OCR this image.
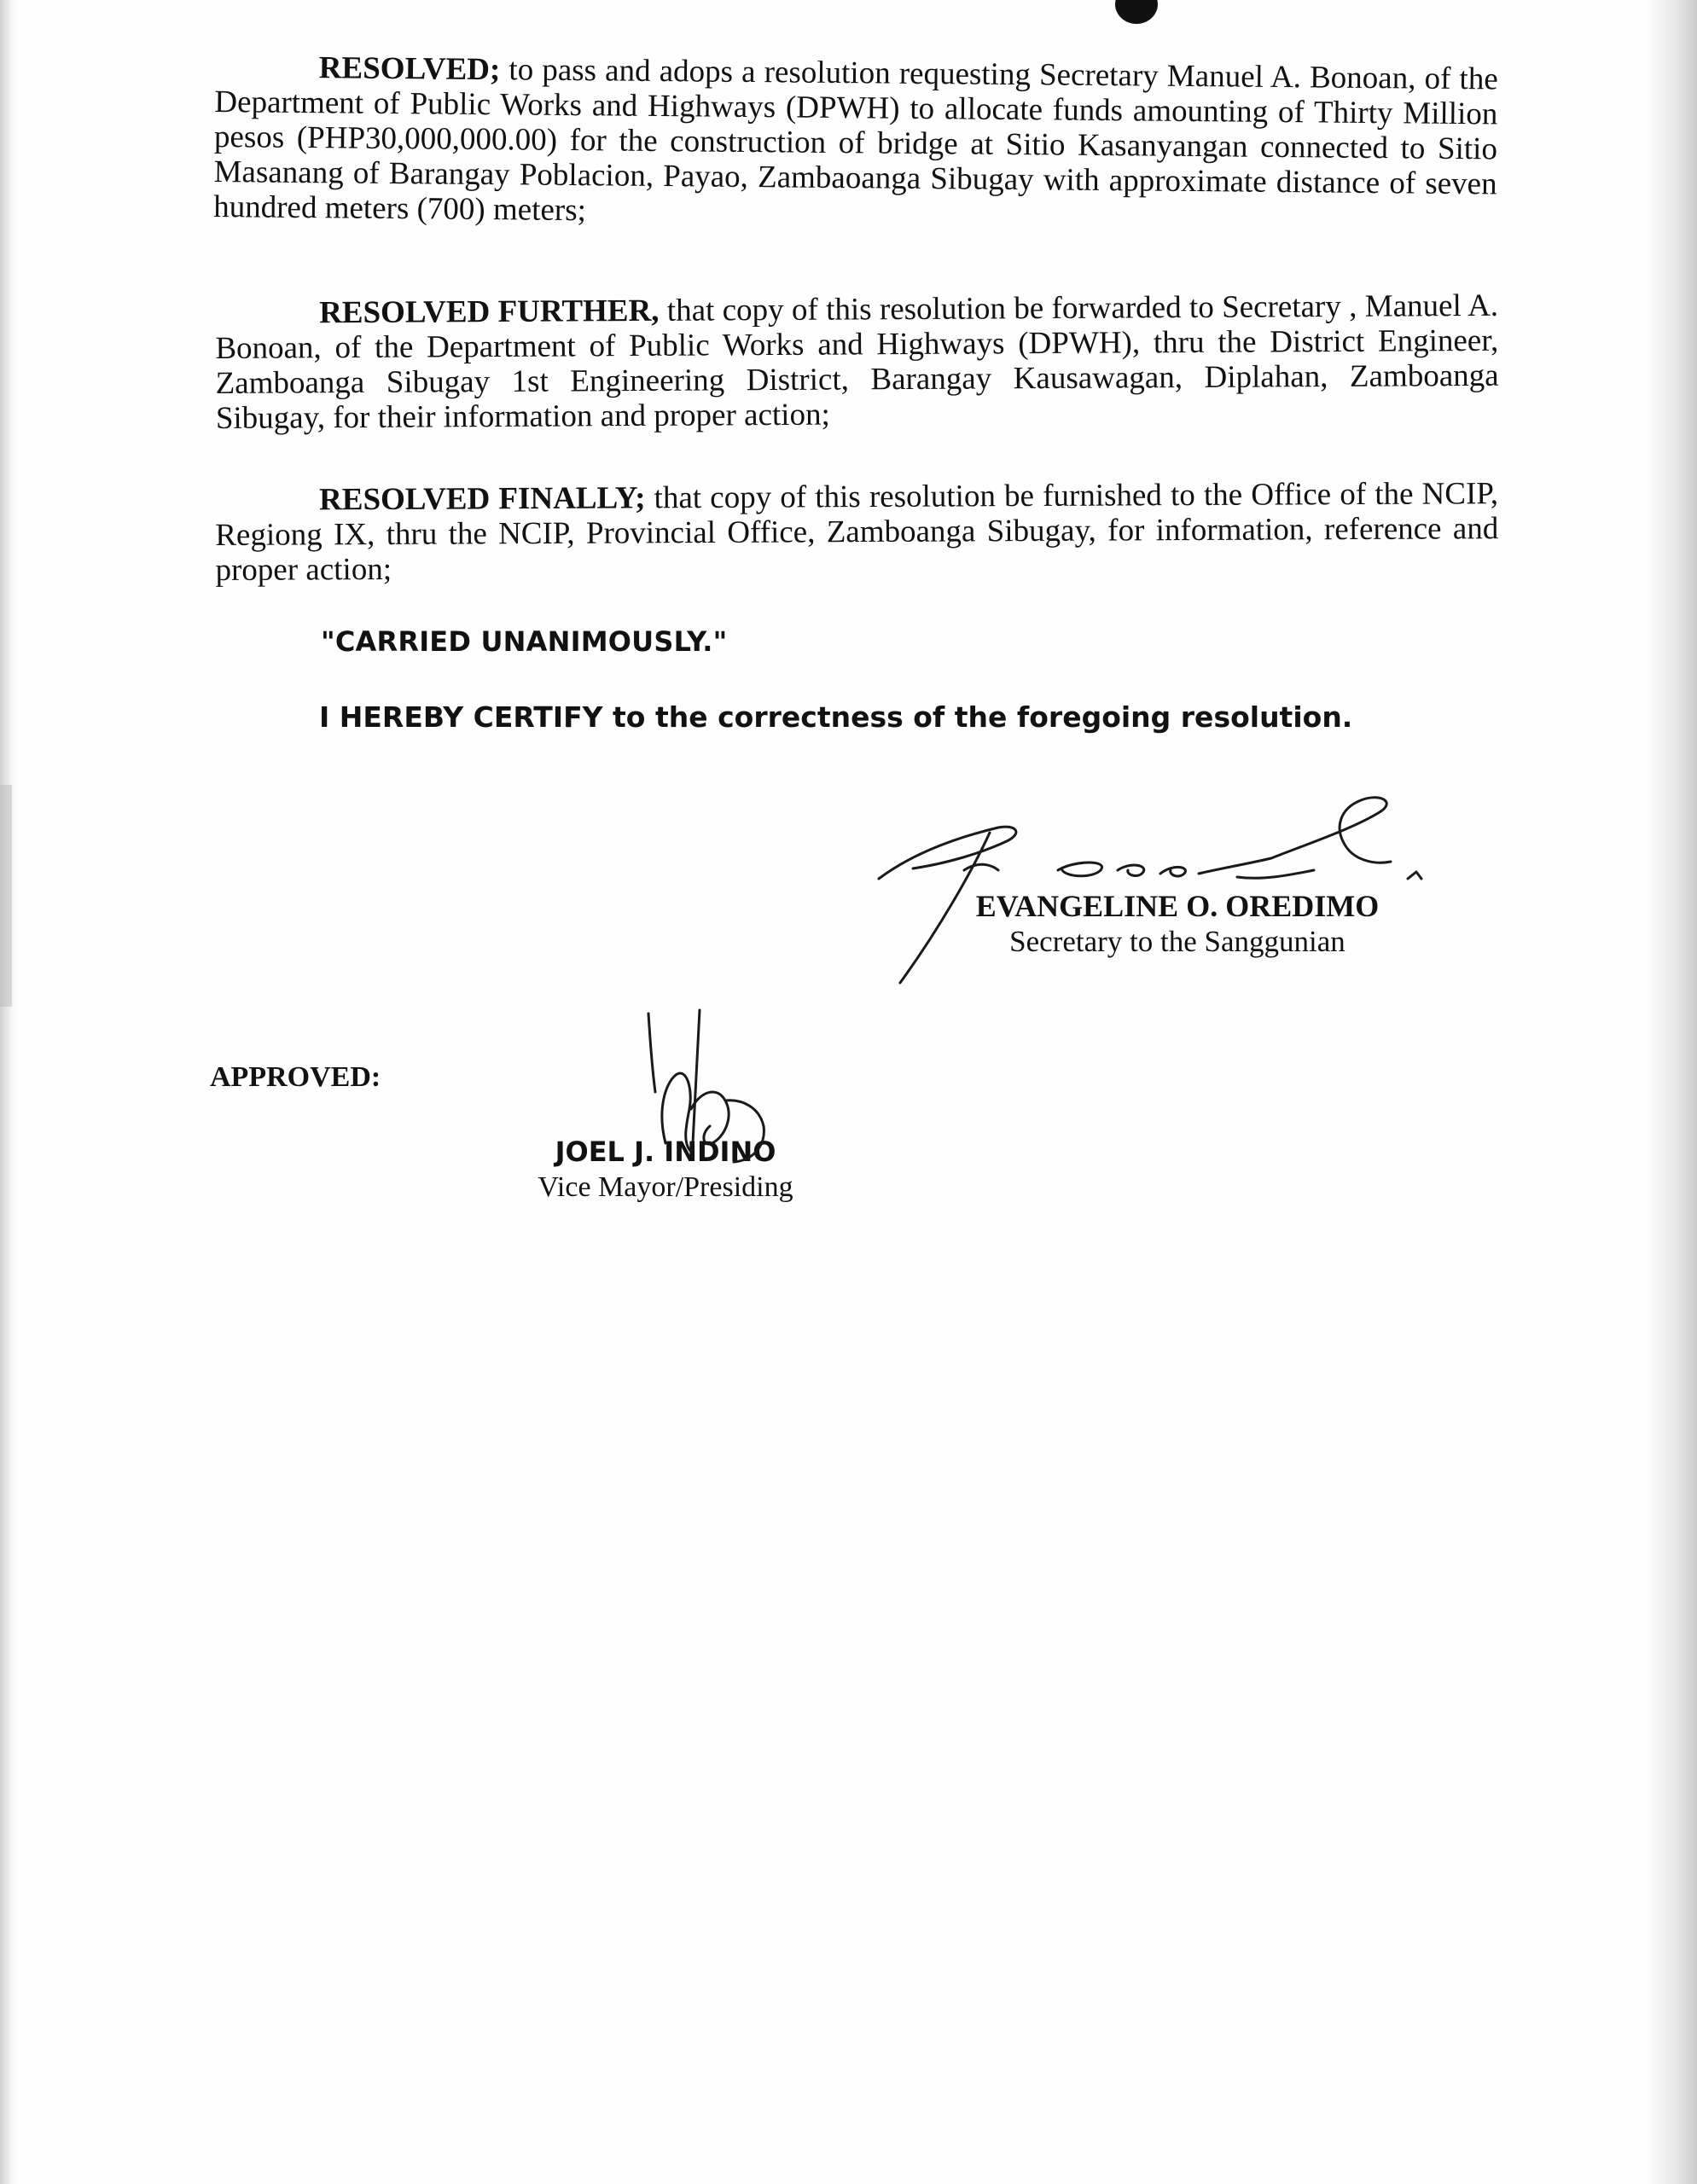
RESOLVED; to pass and adops a resolution requesting Secretary Manuel A. Bonoan, of the Department of Public Works and Highways (DPWH) to allocate funds amounting of Thirty Million pesos (PHP30,000,000.00) for the construction of bridge at Sitio Kasanyangan connected to Sitio Masanang of Barangay Poblacion, Payao, Zambaoanga Sibugay with approximate distance of seven hundred meters (700) meters;

RESOLVED FURTHER, that copy of this resolution be forwarded to Secretary , Manuel A. Bonoan, of the Department of Public Works and Highways (DPWH), thru the District Engineer, Zamboanga Sibugay 1st Engineering District, Barangay Kausawagan, Diplahan, Zamboanga Sibugay, for their information and proper action;

RESOLVED FINALLY; that copy of this resolution be furnished to the Office of the NCIP, Regiong IX, thru the NCIP, Provincial Office, Zamboanga Sibugay, for information, reference and proper action;

"CARRIED UNANIMOUSLY."
I HEREBY CERTIFY to the correctness of the foregoing resolution.
EVANGELINE O. OREDIMO
Secretary to the Sanggunian
APPROVED:
JOEL J. INDINO
Vice Mayor/Presiding
